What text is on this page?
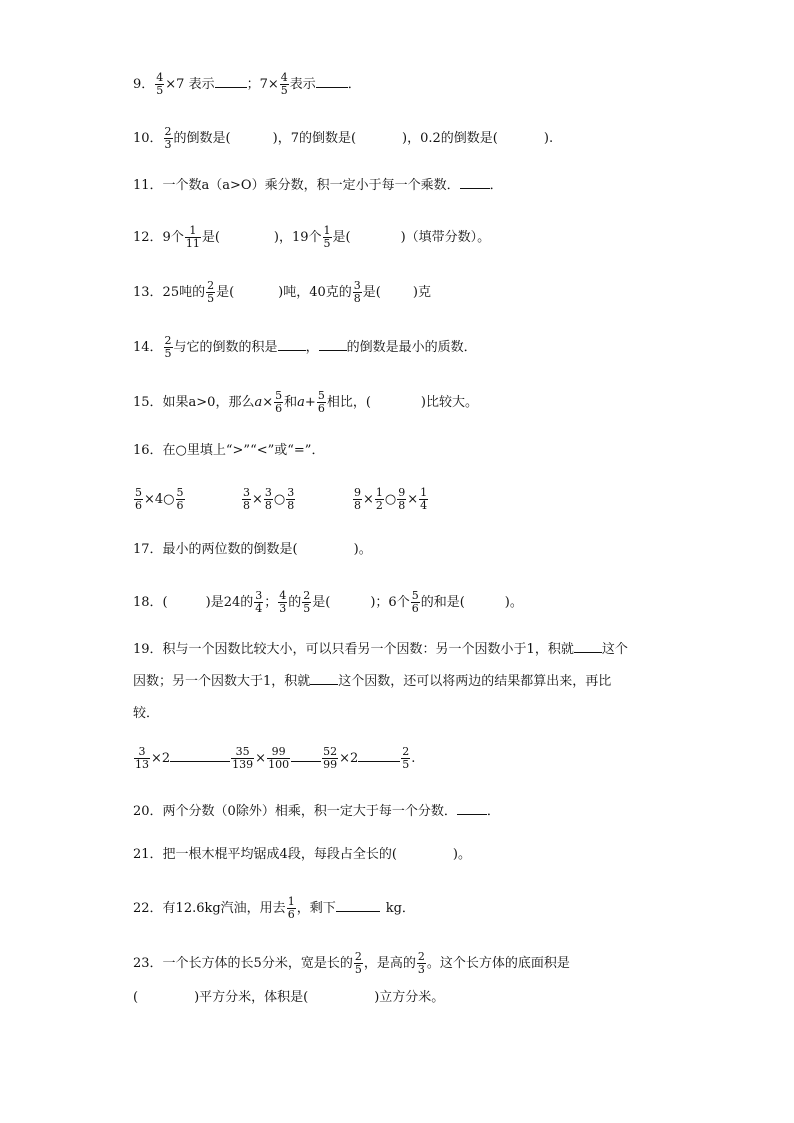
9． $\frac{4}{5} \times 7$ 表示 ；$7\times \frac{4}{5}$ 表示 ．
10． $\frac{2}{3}$ 的倒数是(	)，7的倒数是(	)，0.2的倒数是(	).
11．一个数a（a>O）乘分数，积一定小于每一个乘数． ．
12．9个 $\frac{1}{11}$ 是(	)，19个 $\frac{1}{5}$ 是(	)（填带分数）。
13．25吨的 $\frac{2}{5}$ 是(	)吨，40克的 $\frac{3}{8}$ 是( )克
14． $\frac{2}{5}$ 与它的倒数的积是 ， 的倒数是最小的质数．
15．如果a>0，那么$a\times \frac{5}{6}$ 和$a+ \frac{5}{6}$ 相比，(	)比较大。
16．在○里填上“>”“<”或“=”．
$\frac{5}{6}$ ×4○ $\frac{5}{6}$	$\frac{3}{8} \times \frac{3}{8}$ ○ $\frac{3}{8}$	$\frac{9}{8} \times \frac{1}{2}$ ○ $\frac{9}{8} \times \frac{1}{4}$
17．最小的两位数的倒数是(	)。
18．(	)是24的 $\frac{3}{4}$ ； $\frac{4}{3}$ 的 $\frac{2}{5}$ 是(	)；6个 $\frac{5}{6}$ 的和是(	)。
19．积与一个因数比较大小，可以只看另一个因数：另一个因数小于1，积就 这个
因数；另一个因数大于1，积就 这个因数，还可以将两边的结果都算出来，再比
较．
$\frac{3}{13} \times 2$	$\frac{35}{139} \times \frac{99}{100}$	$\frac{52}{99} \times 2$	$\frac{2}{5}$ .
20．两个分数（0除外）相乘，积一定大于每一个分数． ．
21．把一根木棍平均锯成4段，每段占全长的(	)。
22．有12.6kg汽油，用去 $\frac{1}{6}$ ，剩下	kg．
23．一个长方体的长5分米，宽是长的 $\frac{2}{5}$ ，是高的 $\frac{2}{3}$ 。这个长方体的底面积是
(	)平方分米，体积是(	)立方分米。
